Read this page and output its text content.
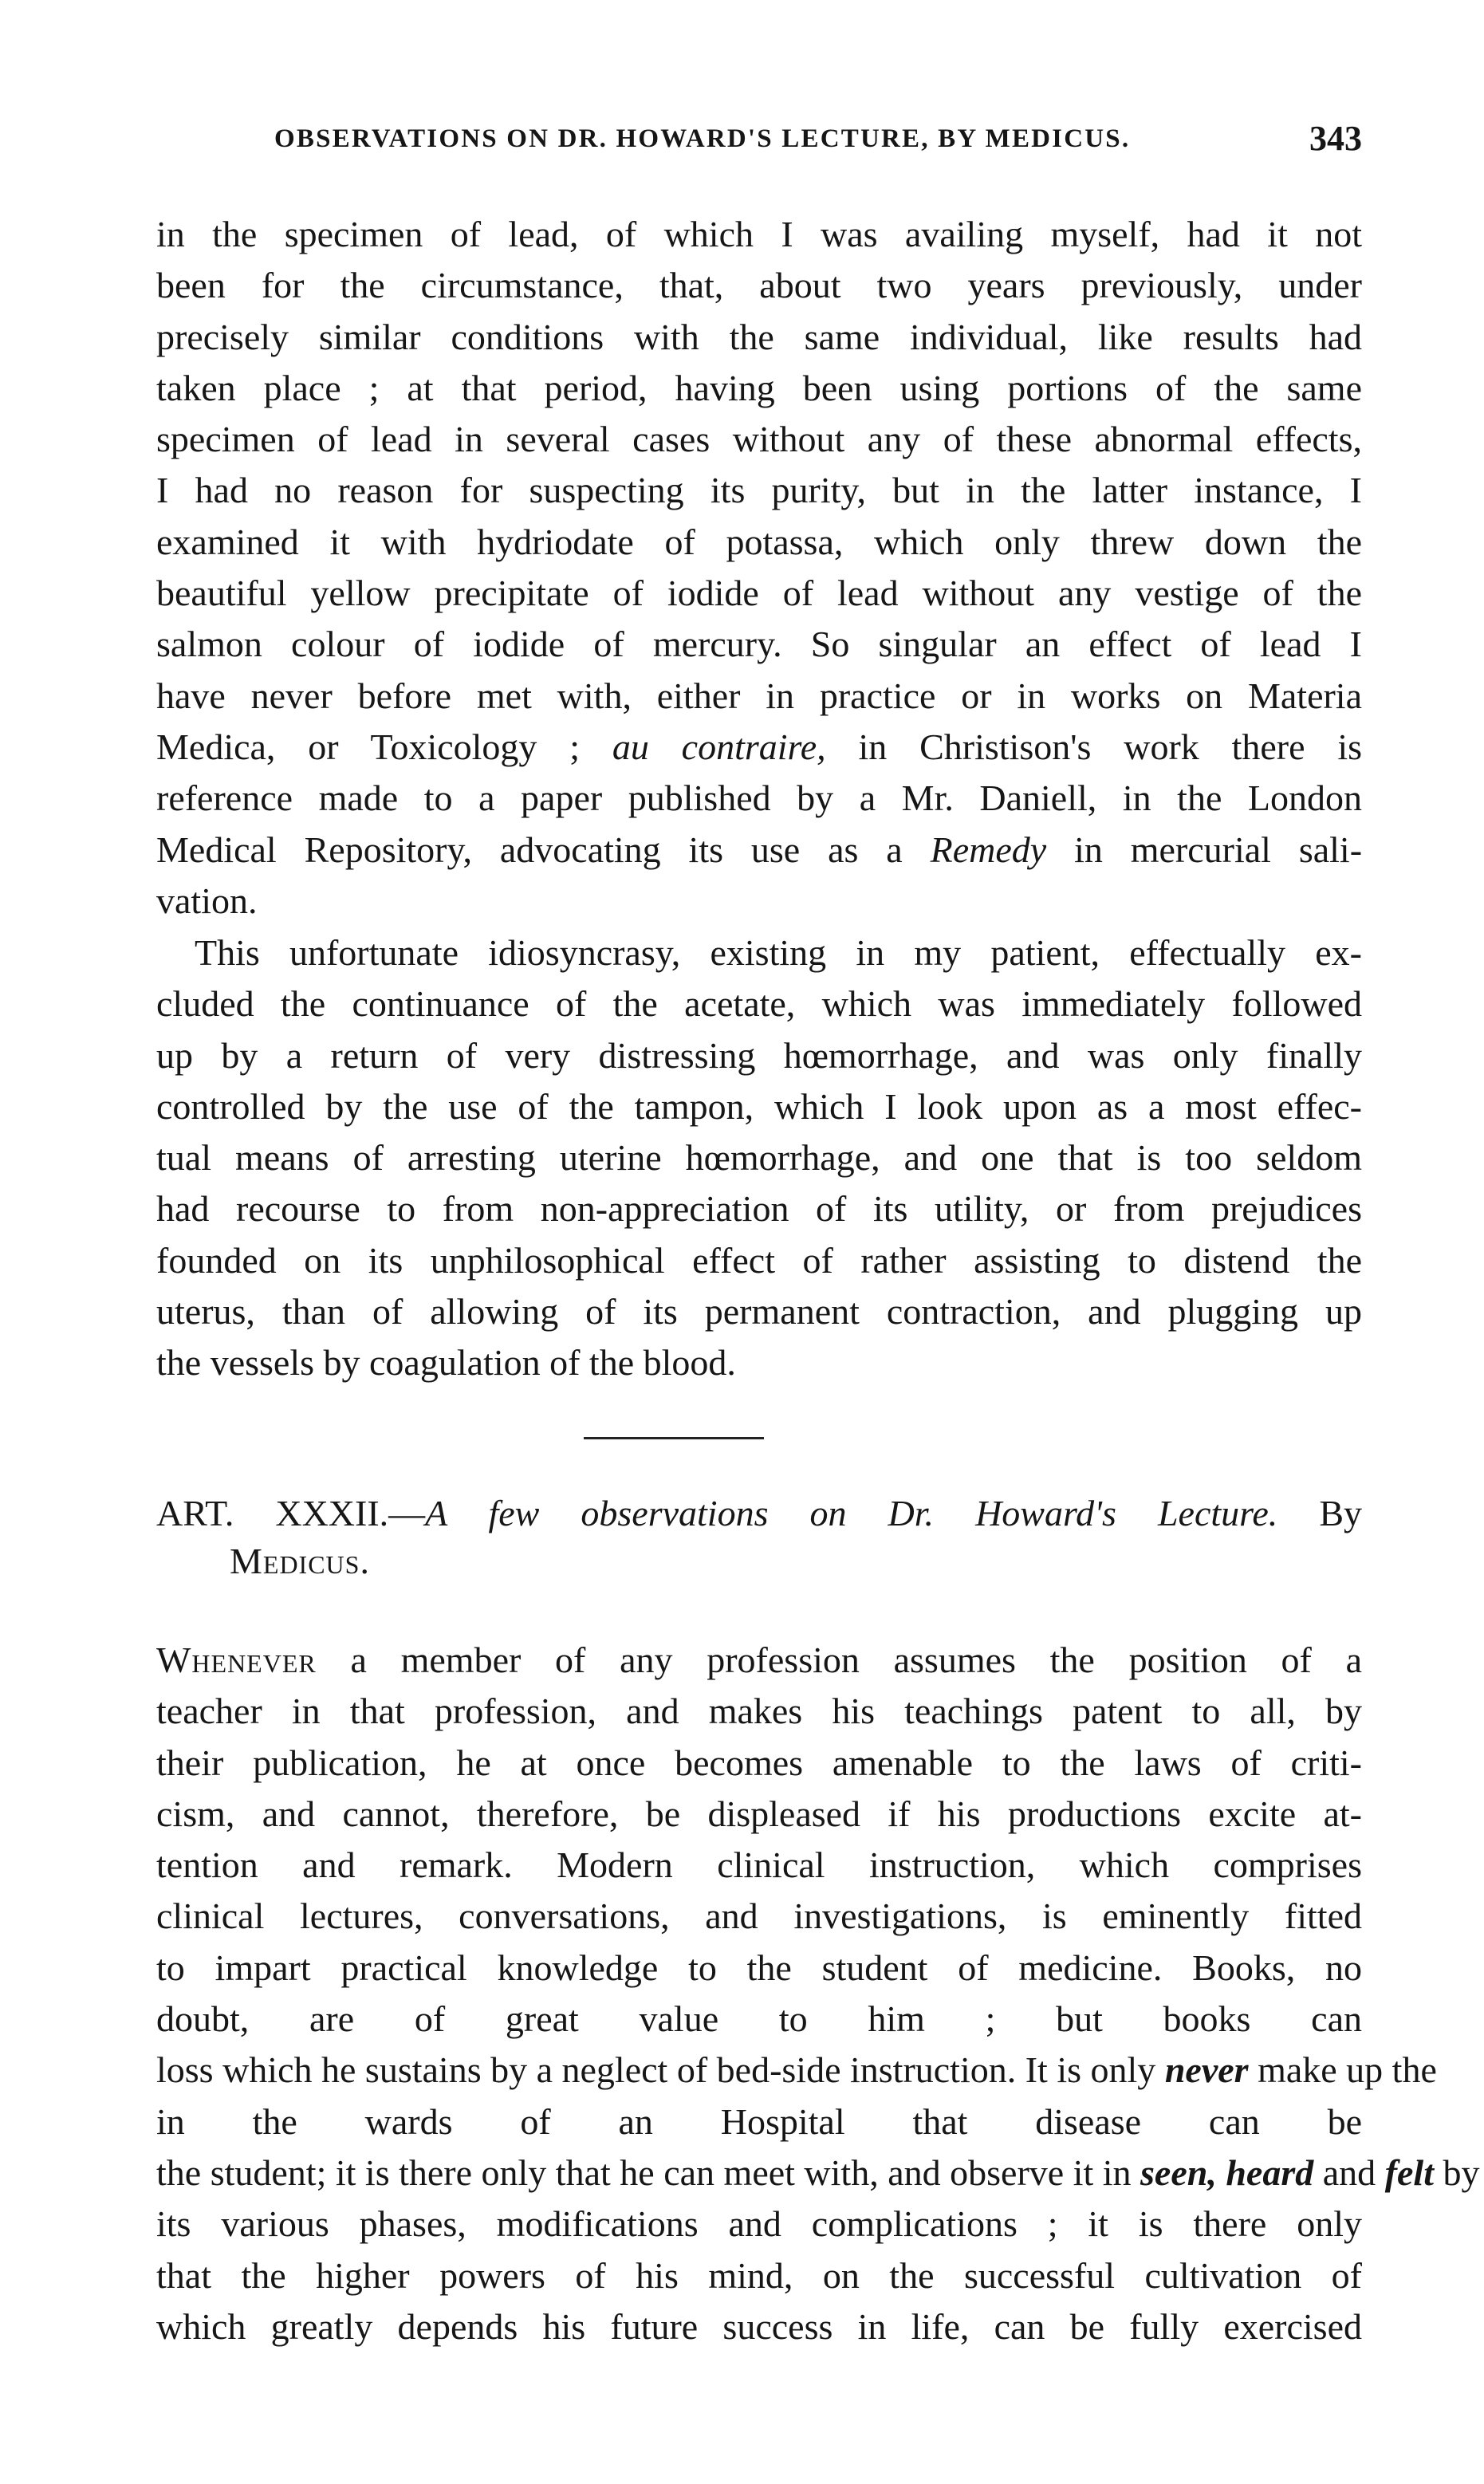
OBSERVATIONS ON DR. HOWARD'S LECTURE, BY MEDICUS.	343
in the specimen of lead, of which I was availing myself, had it not
been for the circumstance, that, about two years previously, under
precisely similar conditions with the same individual, like results had
taken place ; at that period, having been using portions of the same
specimen of lead in several cases without any of these abnormal effects,
I had no reason for suspecting its purity, but in the latter instance, I
examined it with hydriodate of potassa, which only threw down the
beautiful yellow precipitate of iodide of lead without any vestige of the
salmon colour of iodide of mercury. So singular an effect of lead I
have never before met with, either in practice or in works on Materia
Medica, or Toxicology ; au contraire, in Christison's work there is
reference made to a paper published by a Mr. Daniell, in the London
Medical Repository, advocating its use as a Remedy in mercurial sali-
vation.
This unfortunate idiosyncrasy, existing in my patient, effectually ex-
cluded the continuance of the acetate, which was immediately followed
up by a return of very distressing hœmorrhage, and was only finally
controlled by the use of the tampon, which I look upon as a most effec-
tual means of arresting uterine hœmorrhage, and one that is too seldom
had recourse to from non-appreciation of its utility, or from prejudices
founded on its unphilosophical effect of rather assisting to distend the
uterus, than of allowing of its permanent contraction, and plugging up
the vessels by coagulation of the blood.
ART. XXXII.—A few observations on Dr. Howard's Lecture. By
Medicus.
Whenever a member of any profession assumes the position of a
teacher in that profession, and makes his teachings patent to all, by
their publication, he at once becomes amenable to the laws of criti-
cism, and cannot, therefore, be displeased if his productions excite at-
tention and remark. Modern clinical instruction, which comprises
clinical lectures, conversations, and investigations, is eminently fitted
to impart practical knowledge to the student of medicine. Books, no
doubt, are of great value to him ; but books can
loss which he sustains by a neglect of bed-side instruction. It is only never make up the
in the wards of an Hospital that disease can be
the student; it is there only that he can meet with, and observe it in seen, heard and felt by
its various phases, modifications and complications ; it is there only
that the higher powers of his mind, on the successful cultivation of
which greatly depends his future success in life, can be fully exercised
